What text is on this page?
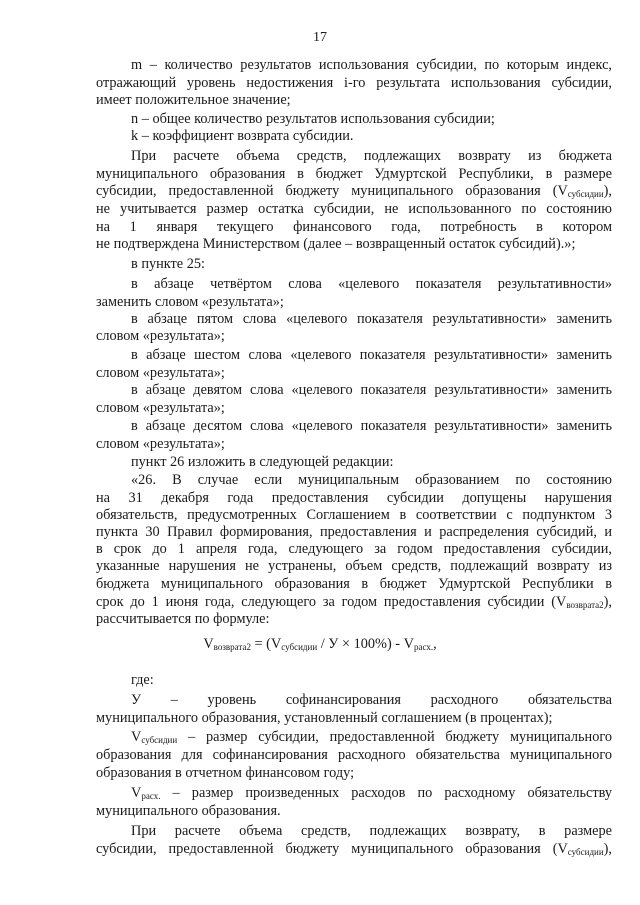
17
m – количество результатов использования субсидии, по которым индекс,
отражающий уровень недостижения i-го результата использования субсидии,
имеет положительное значение;
n – общее количество результатов использования субсидии;
k – коэффициент возврата субсидии.
При расчете объема средств, подлежащих возврату из бюджета
муниципального образования в бюджет Удмуртской Республики, в размере
субсидии, предоставленной бюджету муниципального образования $(V_{субсидии})$,
не учитывается размер остатка субсидии, не использованного по состоянию
на 1 января текущего финансового года, потребность в котором
не подтверждена Министерством (далее – возвращенный остаток субсидий).»;
в пункте 25:
в абзаце четвёртом слова «целевого показателя результативности»
заменить словом «результата»;
в абзаце пятом слова «целевого показателя результативности» заменить
словом «результата»;
в абзаце шестом слова «целевого показателя результативности» заменить
словом «результата»;
в абзаце девятом слова «целевого показателя результативности» заменить
словом «результата»;
в абзаце десятом слова «целевого показателя результативности» заменить
словом «результата»;
пункт 26 изложить в следующей редакции:
«26. В случае если муниципальным образованием по состоянию
на 31 декабря года предоставления субсидии допущены нарушения
обязательств, предусмотренных Соглашением в соответствии с подпунктом 3
пункта 30 Правил формирования, предоставления и распределения субсидий, и
в срок до 1 апреля года, следующего за годом предоставления субсидии,
указанные нарушения не устранены, объем средств, подлежащий возврату из
бюджета муниципального образования в бюджет Удмуртской Республики в
срок до 1 июня года, следующего за годом предоставления субсидии $(V_{возврата2})$,
рассчитывается по формуле:
где:
У – уровень софинансирования расходного обязательства
муниципального образования, установленный соглашением (в процентах);
$V_{субсидии}$ – размер субсидии, предоставленной бюджету муниципального
образования для софинансирования расходного обязательства муниципального
образования в отчетном финансовом году;
$V_{расх.}$ – размер произведенных расходов по расходному обязательству
муниципального образования.
При расчете объема средств, подлежащих возврату, в размере
субсидии, предоставленной бюджету муниципального образования $(V_{субсидии})$,
$V_{возврата2} = (V_{субсидии} / У \times 100\%) - V_{расх.}$,
